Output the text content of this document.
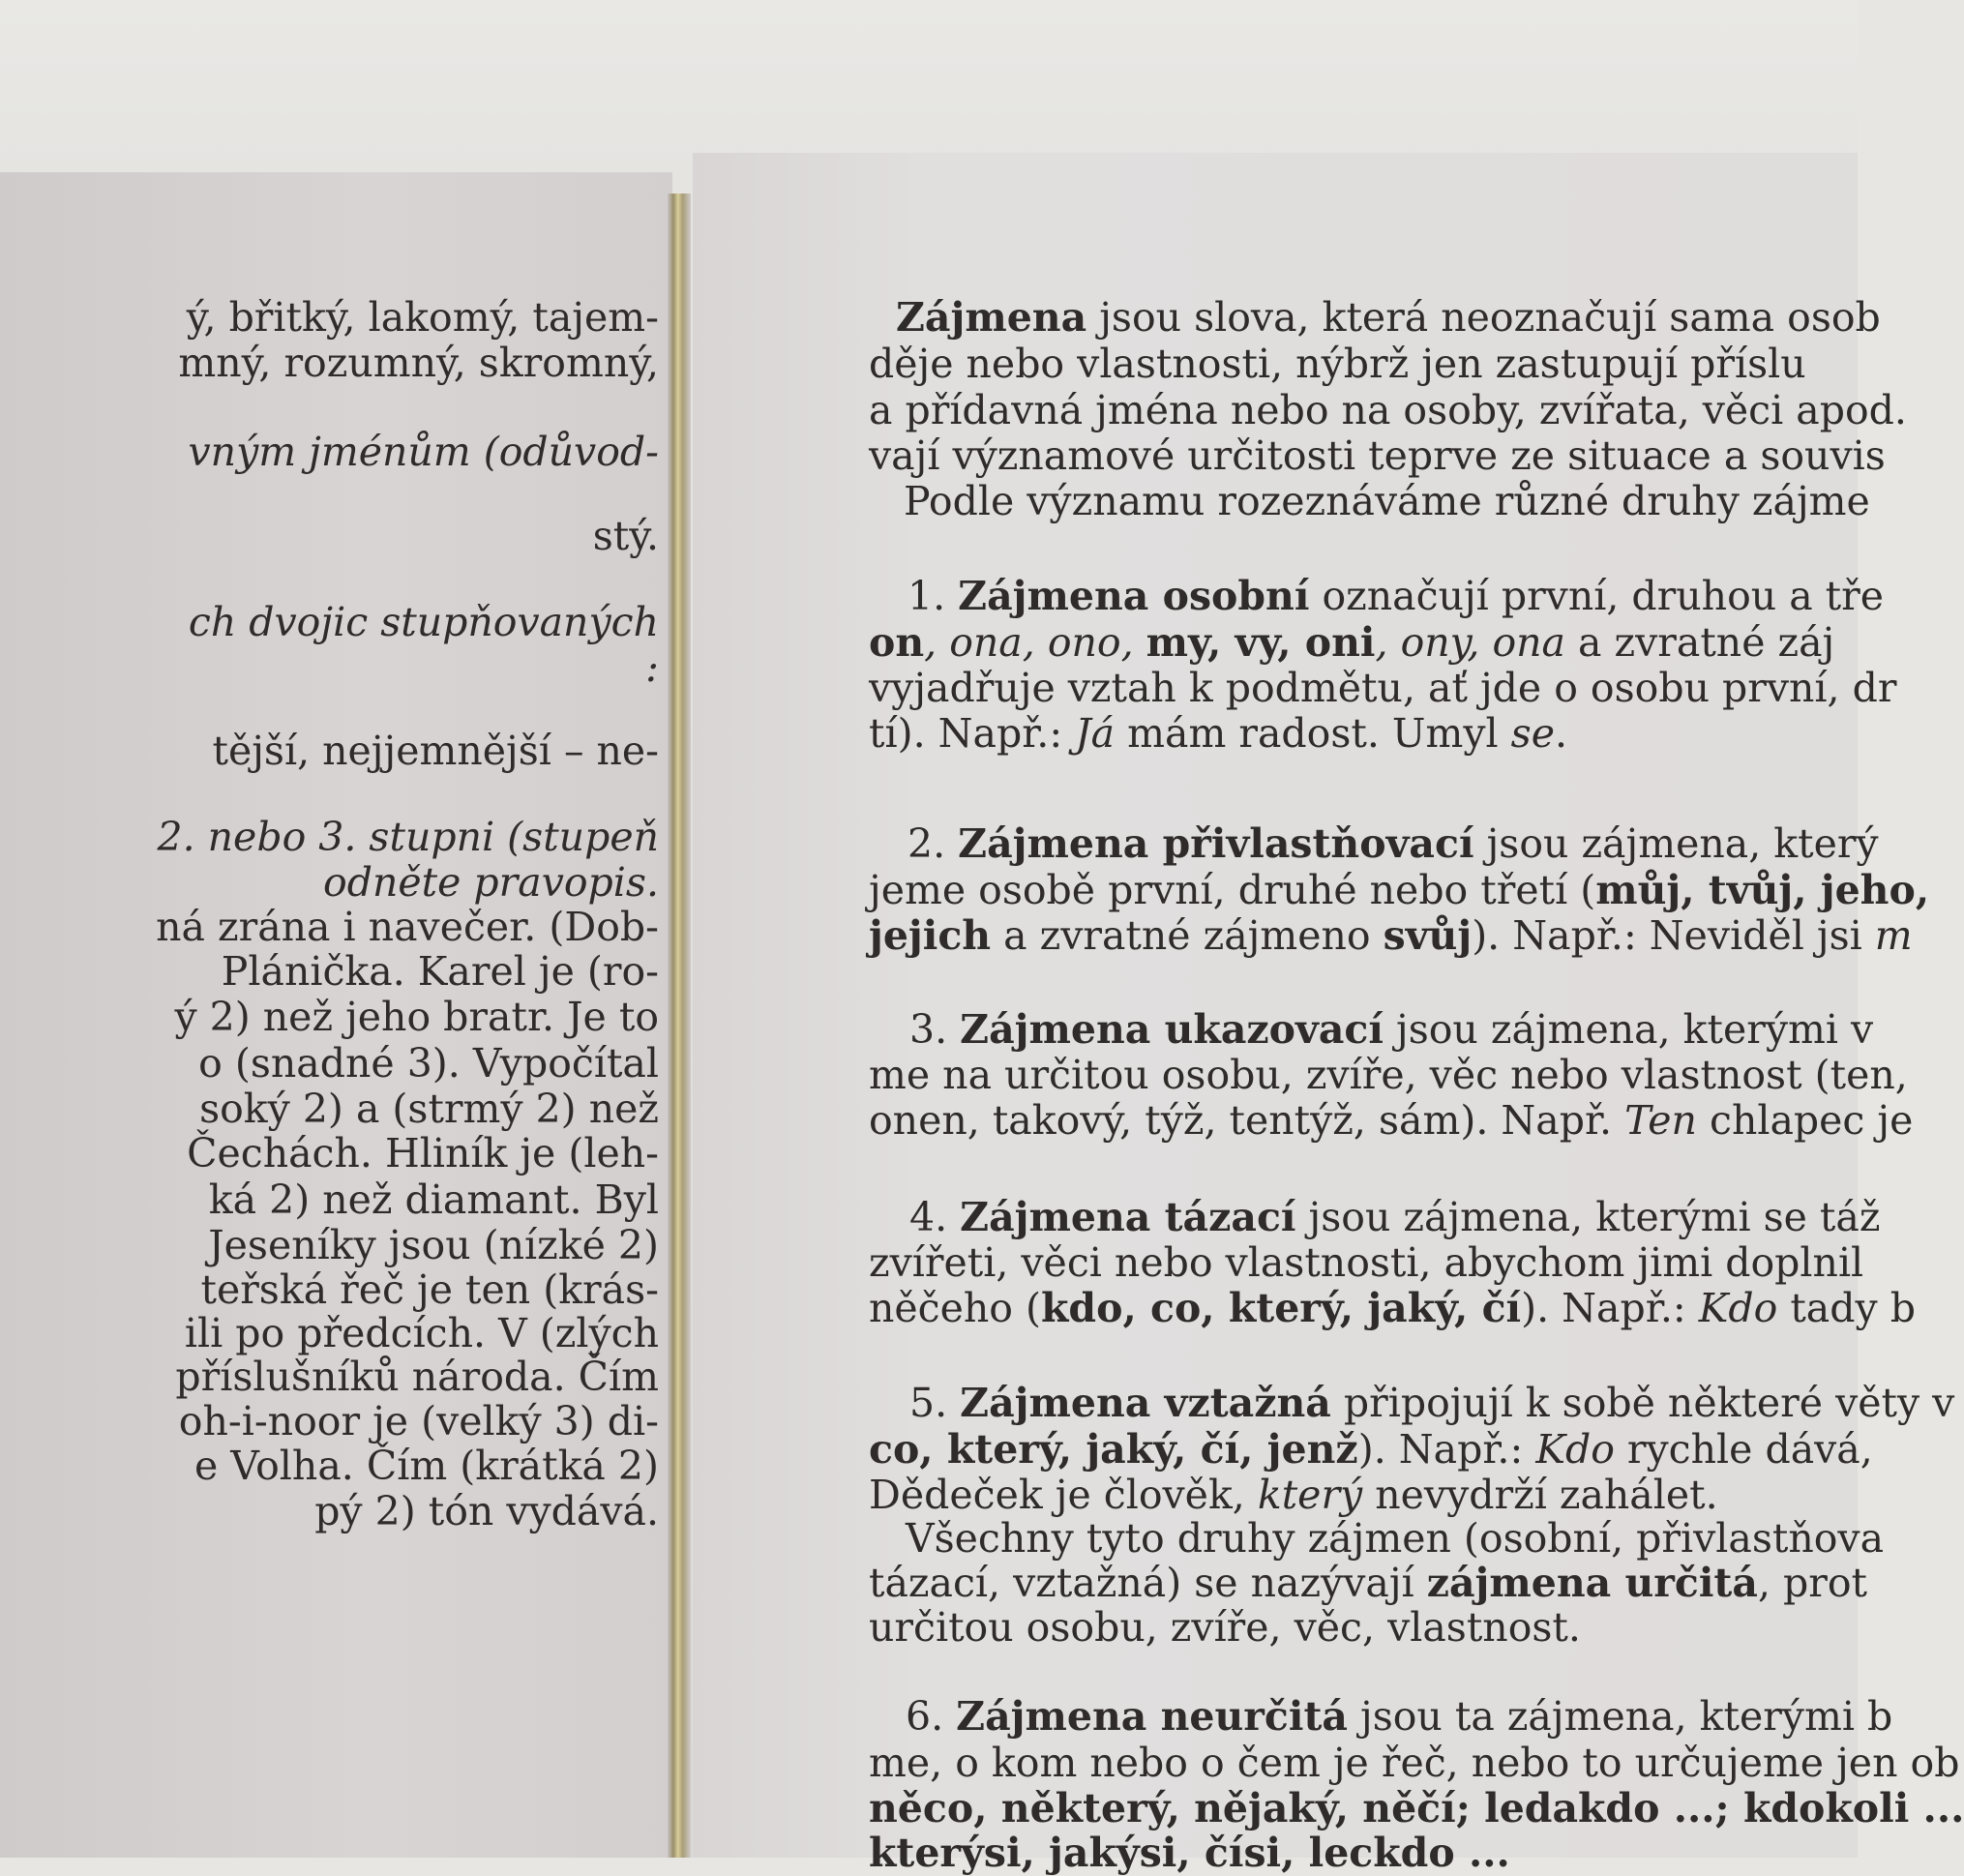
ý, břitký, lakomý, tajem-
mný, rozumný, skromný,
vným jménům (odůvod-
stý.
ch dvojic stupňovaných
:
tější, nejjemnější – ne-
2. nebo 3. stupni (stupeň
odněte pravopis.
ná zrána i navečer. (Dob-
Plánička. Karel je (ro-
ý 2) než jeho bratr. Je to
o (snadné 3). Vypočítal
soký 2) a (strmý 2) než
Čechách. Hliník je (leh-
ká 2) než diamant. Byl
Jeseníky jsou (nízké 2)
teřská řeč je ten (krás-
ili po předcích. V (zlých
příslušníků národa. Čím
oh-i-noor je (velký 3) di-
e Volha. Čím (krátká 2)
pý 2) tón vydává.
Zájmena jsou slova, která neoznačují sama osob
děje nebo vlastnosti, nýbrž jen zastupují příslu
a přídavná jména nebo na osoby, zvířata, věci apod.
vají významové určitosti teprve ze situace a souvis
Podle významu rozeznáváme různé druhy zájme
1. Zájmena osobní označují první, druhou a tře
on, ona, ono, my, vy, oni, ony, ona a zvratné záj
vyjadřuje vztah k podmětu, ať jde o osobu první, dr
tí). Např.: Já mám radost. Umyl se.
2. Zájmena přivlastňovací jsou zájmena, který
jeme osobě první, druhé nebo třetí (můj, tvůj, jeho,
jejich a zvratné zájmeno svůj). Např.: Neviděl jsi m
3. Zájmena ukazovací jsou zájmena, kterými v
me na určitou osobu, zvíře, věc nebo vlastnost (ten,
onen, takový, týž, tentýž, sám). Např. Ten chlapec je
4. Zájmena tázací jsou zájmena, kterými se táž
zvířeti, věci nebo vlastnosti, abychom jimi doplnil
něčeho (kdo, co, který, jaký, čí). Např.: Kdo tady b
5. Zájmena vztažná připojují k sobě některé věty v
co, který, jaký, čí, jenž). Např.: Kdo rychle dává,
Dědeček je člověk, který nevydrží zahálet.
Všechny tyto druhy zájmen (osobní, přivlastňova
tázací, vztažná) se nazývají zájmena určitá, prot
určitou osobu, zvíře, věc, vlastnost.
6. Zájmena neurčitá jsou ta zájmena, kterými b
me, o kom nebo o čem je řeč, nebo to určujeme jen ob
něco, některý, nějaký, něčí; ledakdo ...; kdokoli ...
kterýsi, jakýsi, čísi, leckdo ...
